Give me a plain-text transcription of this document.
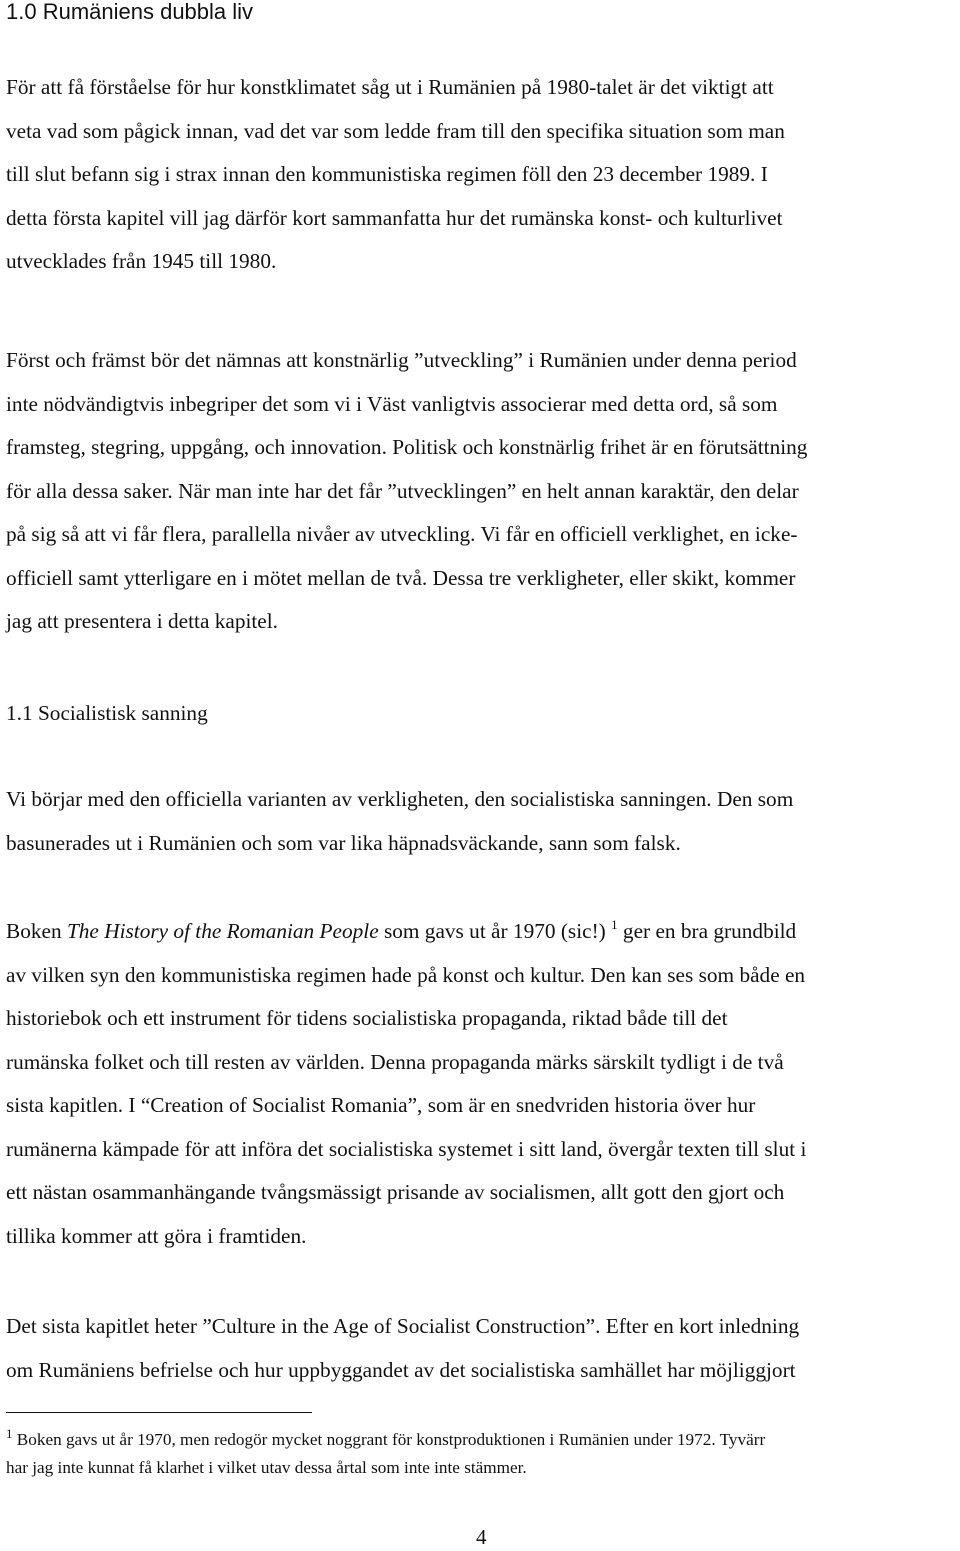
1.0 Rumäniens dubbla liv

För att få förståelse för hur konstklimatet såg ut i Rumänien på 1980-talet är det viktigt att
veta vad som pågick innan, vad det var som ledde fram till den specifika situation som man
till slut befann sig i strax innan den kommunistiska regimen föll den 23 december 1989. I
detta första kapitel vill jag därför kort sammanfatta hur det rumänska konst- och kulturlivet
utvecklades från 1945 till 1980.

Först och främst bör det nämnas att konstnärlig ”utveckling” i Rumänien under denna period
inte nödvändigtvis inbegriper det som vi i Väst vanligtvis associerar med detta ord, så som
framsteg, stegring, uppgång, och innovation. Politisk och konstnärlig frihet är en förutsättning
för alla dessa saker. När man inte har det får ”utvecklingen” en helt annan karaktär, den delar
på sig så att vi får flera, parallella nivåer av utveckling. Vi får en officiell verklighet, en icke-
officiell samt ytterligare en i mötet mellan de två. Dessa tre verkligheter, eller skikt, kommer
jag att presentera i detta kapitel.

1.1 Socialistisk sanning

Vi börjar med den officiella varianten av verkligheten, den socialistiska sanningen. Den som
basunerades ut i Rumänien och som var lika häpnadsväckande, sann som falsk.

Boken The History of the Romanian People som gavs ut år 1970 (sic!) $^1$ ger en bra grundbild
av vilken syn den kommunistiska regimen hade på konst och kultur. Den kan ses som både en
historiebok och ett instrument för tidens socialistiska propaganda, riktad både till det
rumänska folket och till resten av världen. Denna propaganda märks särskilt tydligt i de två
sista kapitlen. I “Creation of Socialist Romania”, som är en snedvriden historia över hur
rumänerna kämpade för att införa det socialistiska systemet i sitt land, övergår texten till slut i
ett nästan osammanhängande tvångsmässigt prisande av socialismen, allt gott den gjort och
tillika kommer att göra i framtiden.

Det sista kapitlet heter ”Culture in the Age of Socialist Construction”. Efter en kort inledning
om Rumäniens befrielse och hur uppbyggandet av det socialistiska samhället har möjliggjort

$^1$ Boken gavs ut år 1970, men redogör mycket noggrant för konstproduktionen i Rumänien under 1972. Tyvärr
har jag inte kunnat få klarhet i vilket utav dessa årtal som inte inte stämmer.

4
